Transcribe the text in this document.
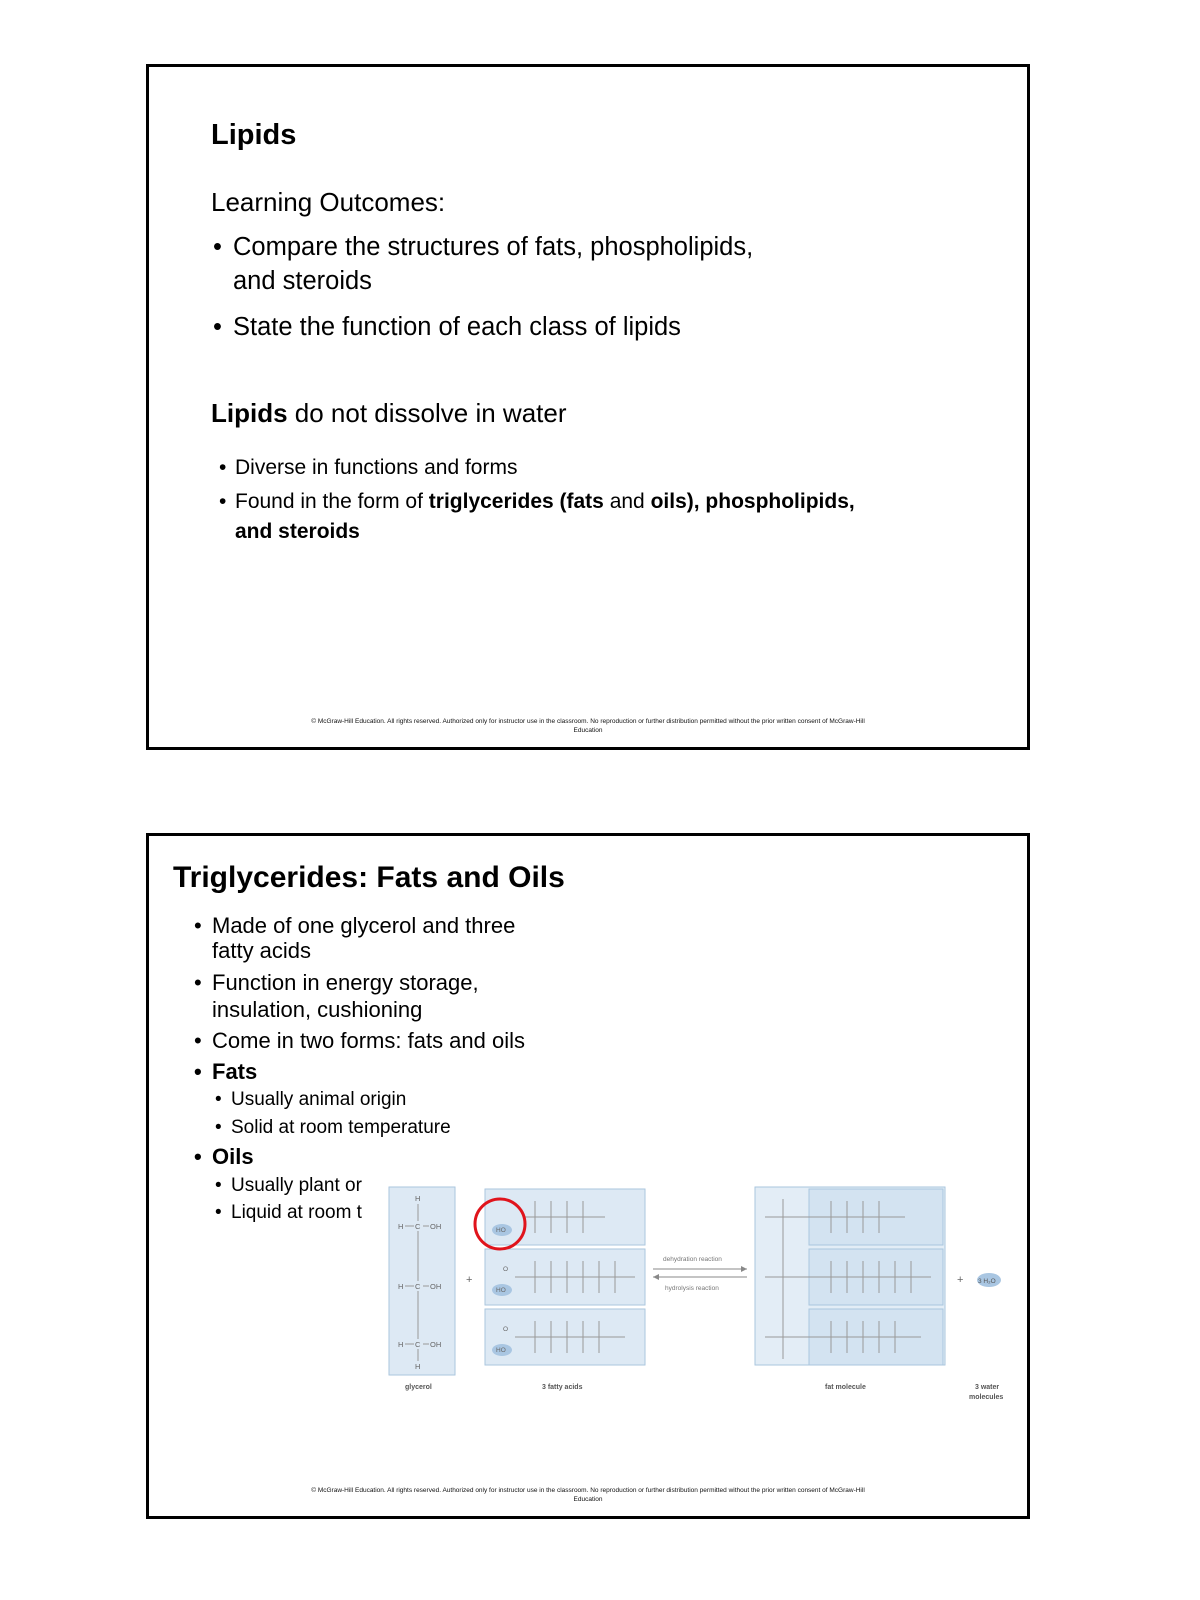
Lipids
Learning Outcomes:
• Compare the structures of fats, phospholipids,
and steroids
• State the function of each class of lipids
Lipids do not dissolve in water
• Diverse in functions and forms
• Found in the form of triglycerides (fats and oils), phospholipids,
and steroids
© McGraw-Hill Education. All rights reserved. Authorized only for instructor use in the classroom. No reproduction or further distribution permitted without the prior written consent of McGraw-Hill
Education
Triglycerides: Fats and Oils
• Made of one glycerol and three
fatty acids
• Function in energy storage,
insulation, cushioning
• Come in two forms: fats and oils
• Fats
• Usually animal origin
• Solid at room temperature
• Oils
• Usually plant or
• Liquid at room t
H
H C OH
H C OH
H C OH
H
+
HO
HO
HO
O
O
dehydration reaction
hydrolysis reaction
+ 3 H₂O
glycerol	3 fatty acids	fat molecule	3 water
molecules
© McGraw-Hill Education. All rights reserved. Authorized only for instructor use in the classroom. No reproduction or further distribution permitted without the prior written consent of McGraw-Hill
Education
